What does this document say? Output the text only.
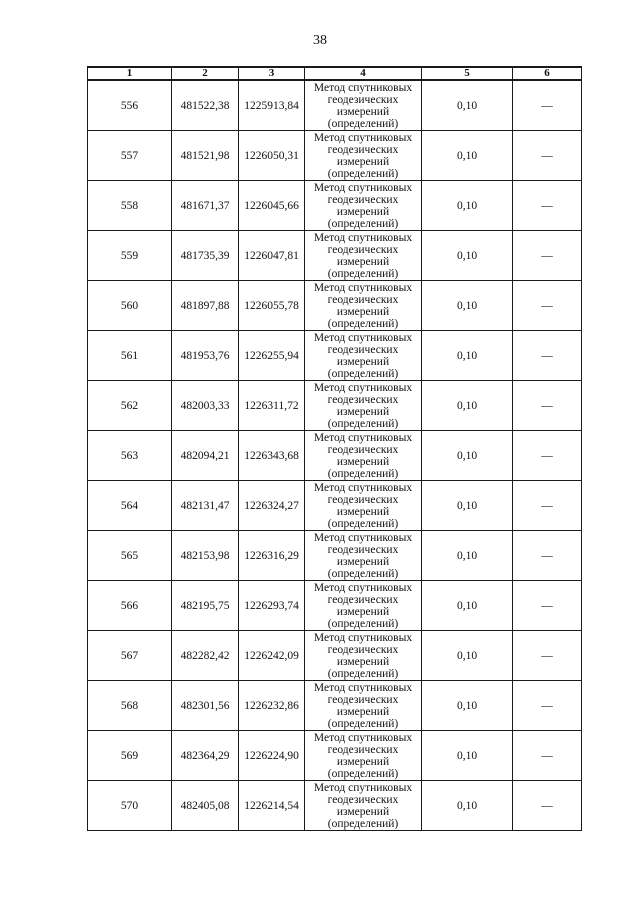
38
1	2	3	4	5	6
556	481522,38	1225913,84	Метод спутниковых
геодезических
измерений
(определений)	0,10	—
557	481521,98	1226050,31	Метод спутниковых
геодезических
измерений
(определений)	0,10	—
558	481671,37	1226045,66	Метод спутниковых
геодезических
измерений
(определений)	0,10	—
559	481735,39	1226047,81	Метод спутниковых
геодезических
измерений
(определений)	0,10	—
560	481897,88	1226055,78	Метод спутниковых
геодезических
измерений
(определений)	0,10	—
561	481953,76	1226255,94	Метод спутниковых
геодезических
измерений
(определений)	0,10	—
562	482003,33	1226311,72	Метод спутниковых
геодезических
измерений
(определений)	0,10	—
563	482094,21	1226343,68	Метод спутниковых
геодезических
измерений
(определений)	0,10	—
564	482131,47	1226324,27	Метод спутниковых
геодезических
измерений
(определений)	0,10	—
565	482153,98	1226316,29	Метод спутниковых
геодезических
измерений
(определений)	0,10	—
566	482195,75	1226293,74	Метод спутниковых
геодезических
измерений
(определений)	0,10	—
567	482282,42	1226242,09	Метод спутниковых
геодезических
измерений
(определений)	0,10	—
568	482301,56	1226232,86	Метод спутниковых
геодезических
измерений
(определений)	0,10	—
569	482364,29	1226224,90	Метод спутниковых
геодезических
измерений
(определений)	0,10	—
570	482405,08	1226214,54	Метод спутниковых
геодезических
измерений
(определений)	0,10	—
